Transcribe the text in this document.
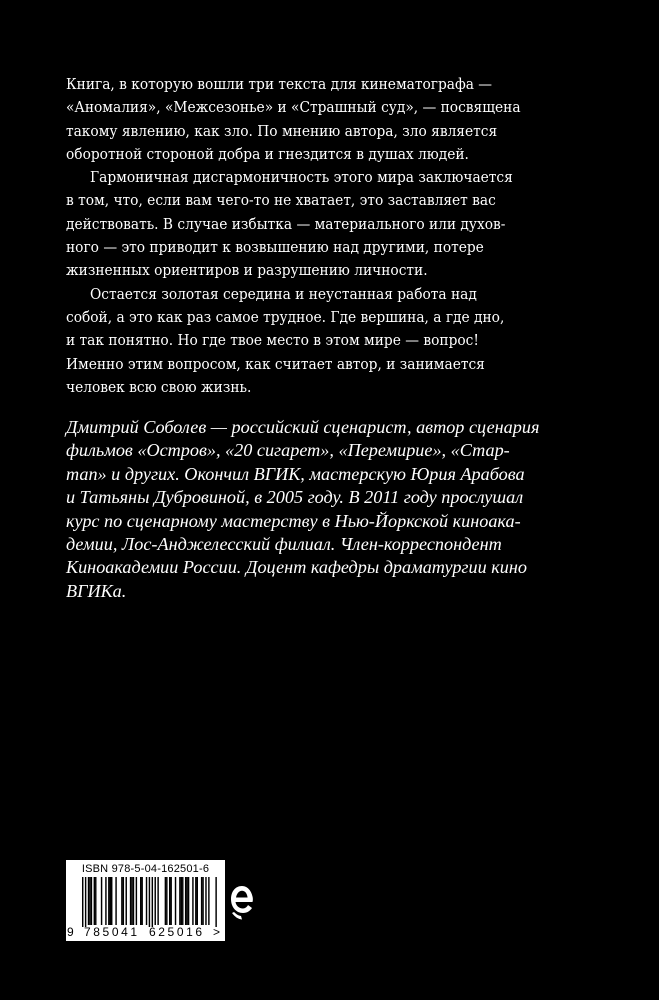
Книга, в которую вошли три текста для кинематографа —
«Аномалия», «Межсезонье» и «Страшный суд», — посвящена
такому явлению, как зло. По мнению автора, зло является
оборотной стороной добра и гнездится в душах людей.

Гармоничная дисгармоничность этого мира заключается
в том, что, если вам чего-то не хватает, это заставляет вас
действовать. В случае избытка — материального или духов-
ного — это приводит к возвышению над другими, потере
жизненных ориентиров и разрушению личности.

Остается золотая середина и неустанная работа над
собой, а это как раз самое трудное. Где вершина, а где дно,
и так понятно. Но где твое место в этом мире — вопрос!
Именно этим вопросом, как считает автор, и занимается
человек всю свою жизнь.

Дмитрий Соболев — российский сценарист, автор сценария
фильмов «Остров», «20 сигарет», «Перемирие», «Стар-
тап» и других. Окончил ВГИК, мастерскую Юрия Арабова
и Татьяны Дубровиной, в 2005 году. В 2011 году прослушал
курс по сценарному мастерству в Нью-Йоркской киноака-
демии, Лос-Анджелесский филиал. Член-корреспондент
Киноакадемии России. Доцент кафедры драматургии кино
ВГИКа.
ISBN 978-5-04-162501-6
9 785041 625016 >
